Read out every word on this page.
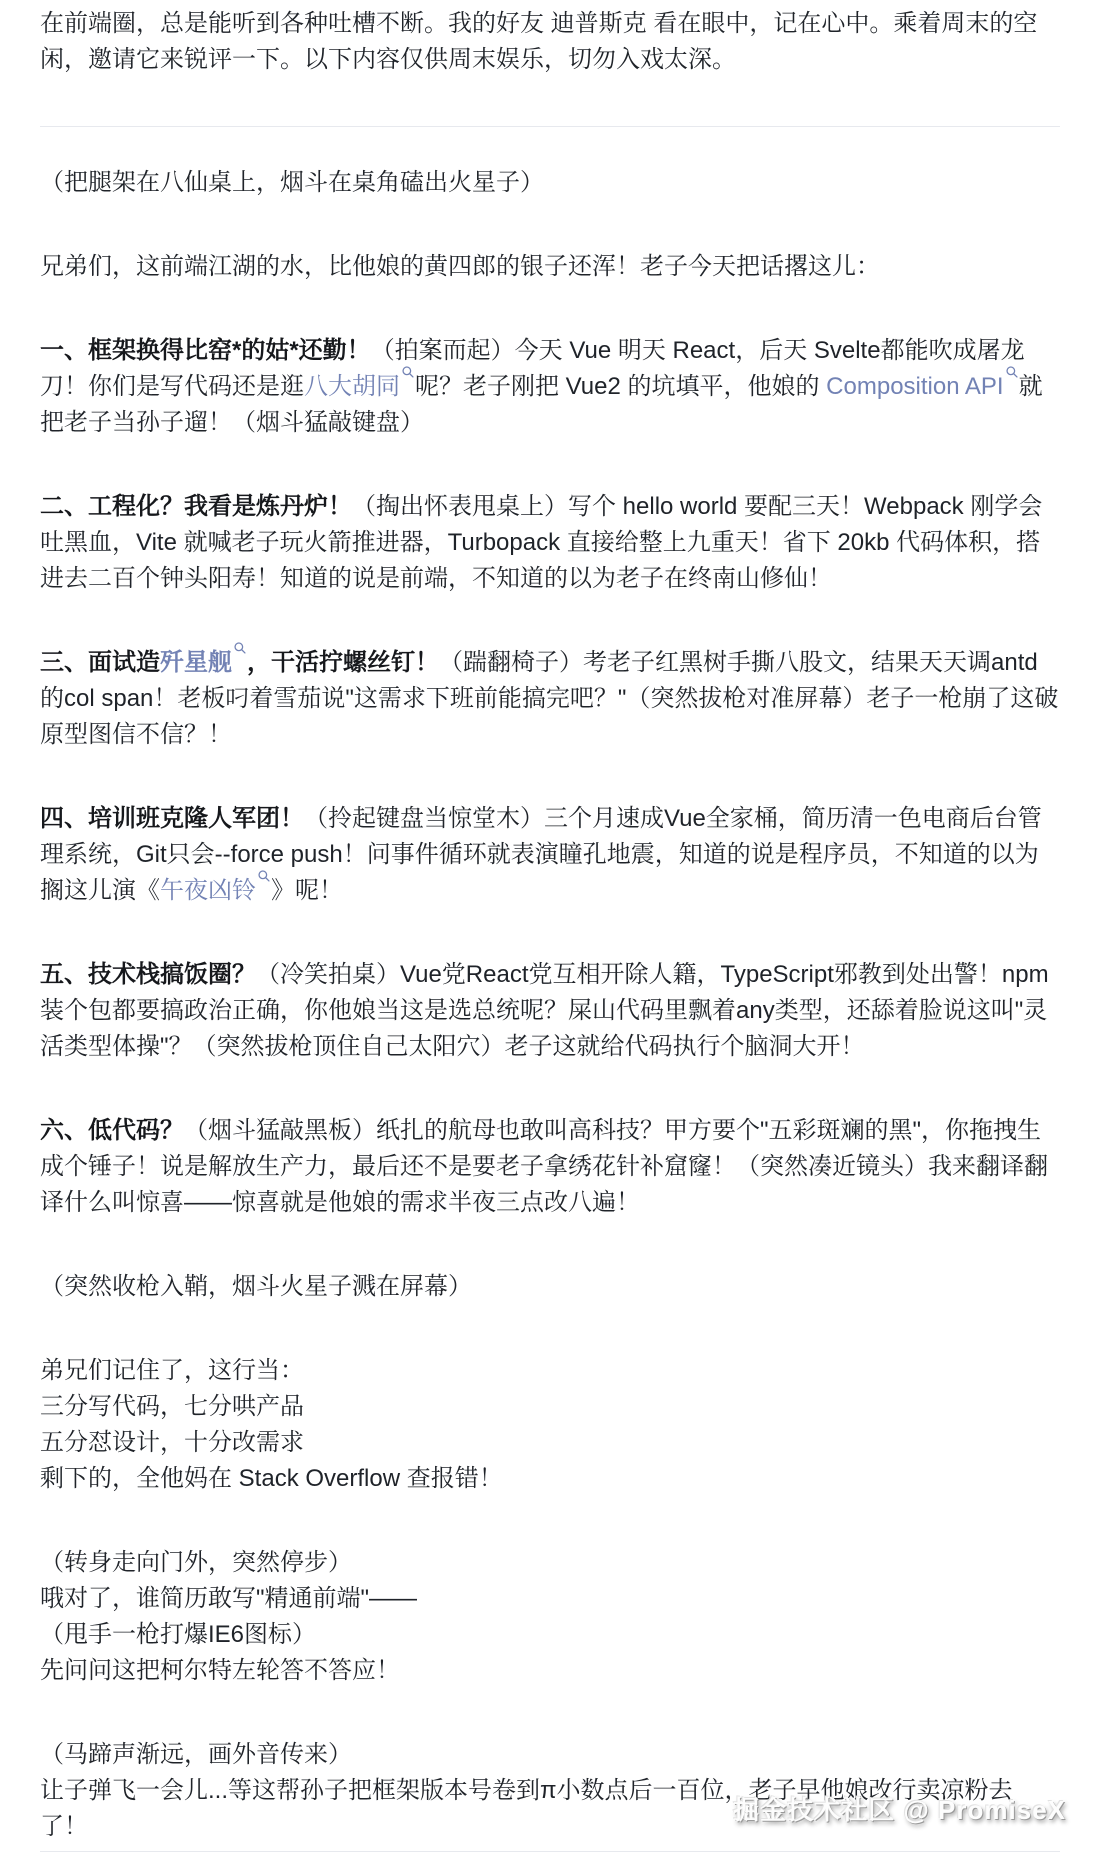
在前端圈，总是能听到各种吐槽不断。我的好友 迪普斯克 看在眼中，记在心中。乘着周末的空闲，邀请它来锐评一下。以下内容仅供周末娱乐，切勿入戏太深。

（把腿架在八仙桌上，烟斗在桌角磕出火星子）

兄弟们，这前端江湖的水，比他娘的黄四郎的银子还浑！老子今天把话撂这儿：

一、框架换得比窑*的姑*还勤！（拍案而起）今天 Vue 明天 React，后天 Svelte都能吹成屠龙刀！你们是写代码还是逛八大胡同 呢？老子刚把 Vue2 的坑填平，他娘的 Composition API 就把老子当孙子遛！（烟斗猛敲键盘）

二、工程化？我看是炼丹炉！（掏出怀表甩桌上）写个 hello world 要配三天！Webpack 刚学会吐黑血，Vite 就喊老子玩火箭推进器，Turbopack 直接给整上九重天！省下 20kb 代码体积，搭进去二百个钟头阳寿！知道的说是前端，不知道的以为老子在终南山修仙！

三、面试造歼星舰 ，干活拧螺丝钉！（踹翻椅子）考老子红黑树手撕八股文，结果天天调antd的col span！老板叼着雪茄说"这需求下班前能搞完吧？"（突然拔枪对准屏幕）老子一枪崩了这破原型图信不信？！

四、培训班克隆人军团！（拎起键盘当惊堂木）三个月速成Vue全家桶，简历清一色电商后台管理系统，Git只会--force push！问事件循环就表演瞳孔地震，知道的说是程序员，不知道的以为搁这儿演《午夜凶铃 》呢！

五、技术栈搞饭圈？（冷笑拍桌）Vue党React党互相开除人籍，TypeScript邪教到处出警！npm装个包都要搞政治正确，你他娘当这是选总统呢？屎山代码里飘着any类型，还舔着脸说这叫"灵活类型体操"？（突然拔枪顶住自己太阳穴）老子这就给代码执行个脑洞大开！

六、低代码？（烟斗猛敲黑板）纸扎的航母也敢叫高科技？甲方要个"五彩斑斓的黑"，你拖拽生成个锤子！说是解放生产力，最后还不是要老子拿绣花针补窟窿！（突然凑近镜头）我来翻译翻译什么叫惊喜——惊喜就是他娘的需求半夜三点改八遍！

（突然收枪入鞘，烟斗火星子溅在屏幕）

弟兄们记住了，这行当：
三分写代码，七分哄产品
五分怼设计，十分改需求
剩下的，全他妈在 Stack Overflow 查报错！

（转身走向门外，突然停步）
哦对了，谁简历敢写"精通前端"——
（甩手一枪打爆IE6图标）
先问问这把柯尔特左轮答不答应！

（马蹄声渐远，画外音传来）
让子弹飞一会儿...等这帮孙子把框架版本号卷到π小数点后一百位，老子早他娘改行卖凉粉去了！

掘金技术社区 @ PromiseX
